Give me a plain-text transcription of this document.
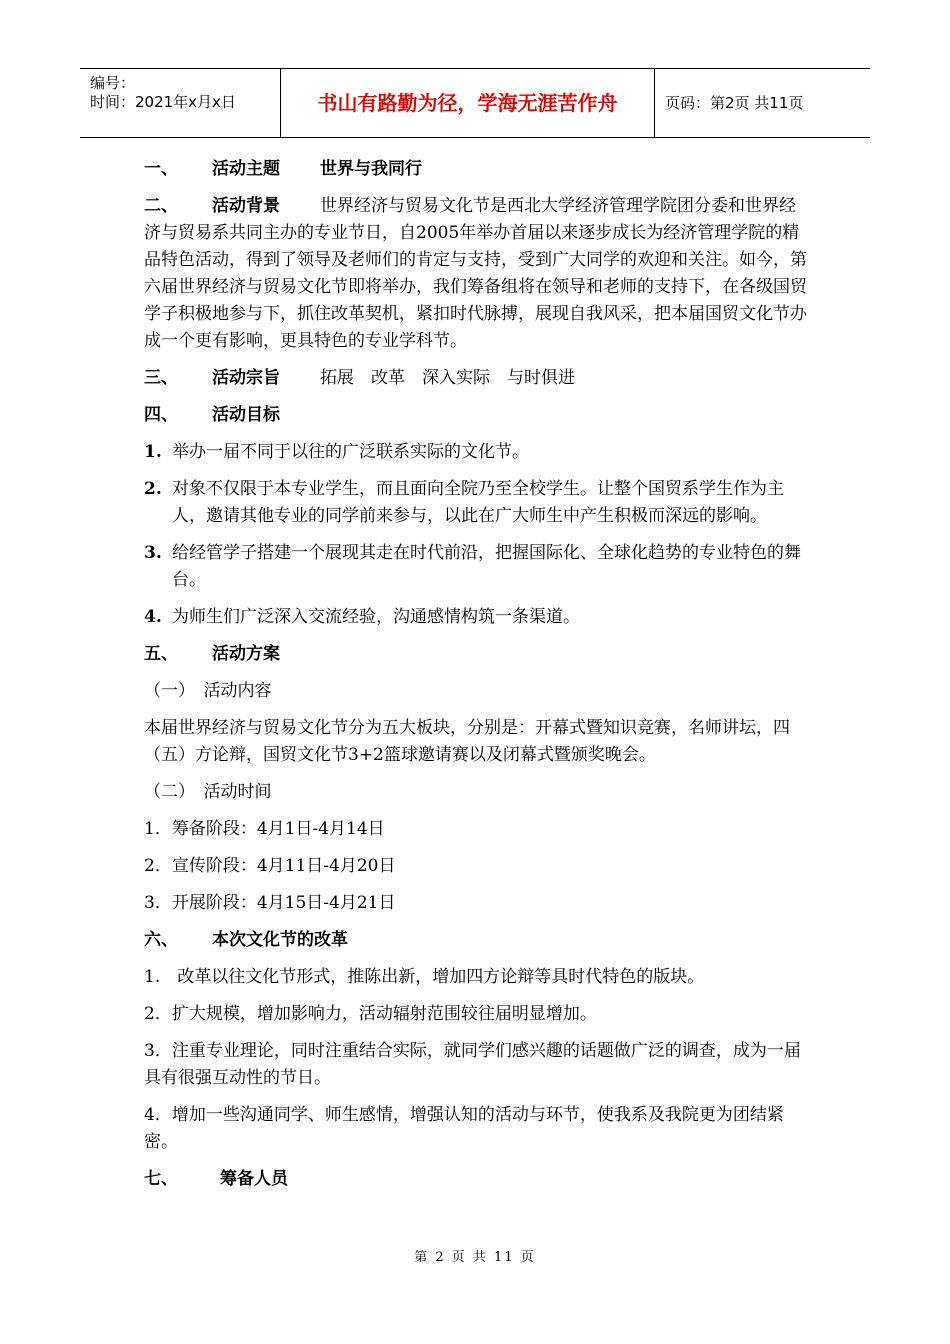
编号：
时间：2021年x月x日	书山有路勤为径，学海无涯苦作舟	页码：第2页 共11页
一、 活动主题 世界与我同行
二、 活动背景 世界经济与贸易文化节是西北大学经济管理学院团分委和世界经济与贸易系共同主办的专业节日，自2005年举办首届以来逐步成长为经济管理学院的精品特色活动，得到了领导及老师们的肯定与支持，受到广大同学的欢迎和关注。如今，第六届世界经济与贸易文化节即将举办，我们筹备组将在领导和老师的支持下，在各级国贸学子积极地参与下，抓住改革契机，紧扣时代脉搏，展现自我风采，把本届国贸文化节办成一个更有影响，更具特色的专业学科节。
三、 活动宗旨 拓展　改革　深入实际　与时俱进
四、 活动目标
1. 举办一届不同于以往的广泛联系实际的文化节。
2. 对象不仅限于本专业学生，而且面向全院乃至全校学生。让整个国贸系学生作为主人，邀请其他专业的同学前来参与，以此在广大师生中产生积极而深远的影响。
3. 给经管学子搭建一个展现其走在时代前沿，把握国际化、全球化趋势的专业特色的舞台。
4. 为师生们广泛深入交流经验，沟通感情构筑一条渠道。
五、 活动方案
（一）　活动内容
本届世界经济与贸易文化节分为五大板块，分别是：开幕式暨知识竞赛，名师讲坛，四（五）方论辩，国贸文化节3+2篮球邀请赛以及闭幕式暨颁奖晚会。
（二）　活动时间
1．筹备阶段：4月1日-4月14日
2．宣传阶段：4月11日-4月20日
3．开展阶段：4月15日-4月21日
六、 本次文化节的改革
1.　改革以往文化节形式，推陈出新，增加四方论辩等具时代特色的版块。
2．扩大规模，增加影响力，活动辐射范围较往届明显增加。
3．注重专业理论，同时注重结合实际，就同学们感兴趣的话题做广泛的调查，成为一届具有很强互动性的节日。
4．增加一些沟通同学、师生感情，增强认知的活动与环节，使我系及我院更为团结紧密。
七、 筹备人员
第 2 页 共 11 页
